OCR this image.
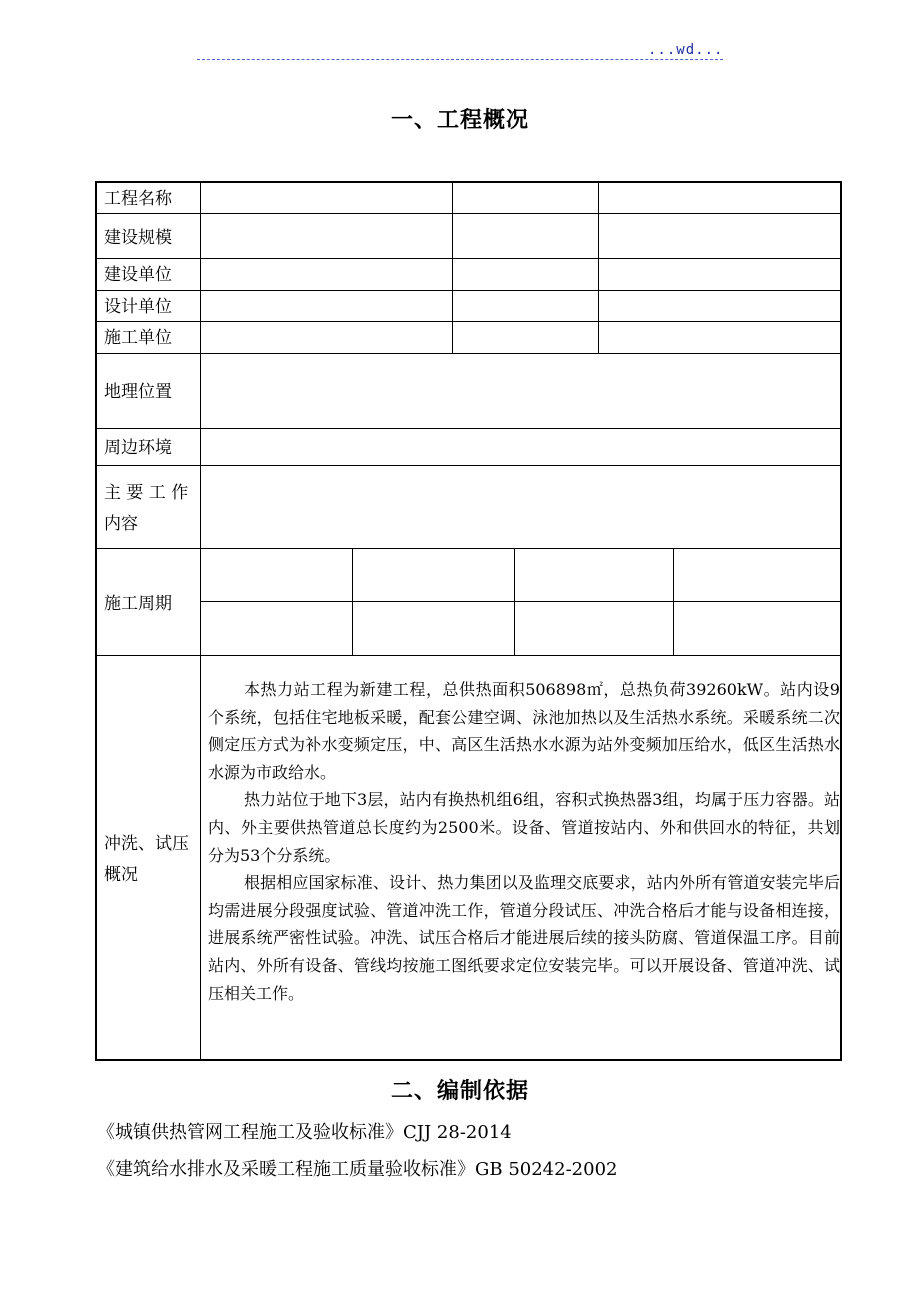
...wd...
一、工程概况
工程名称
建设规模
建设单位
设计单位
施工单位
地理位置
周边环境
主 要 工 作
内容
施工周期
冲洗、试压
概况

本热力站工程为新建工程，总供热面积506898㎡，总热负荷39260kW。站内设9个系统，包括住宅地板采暖，配套公建空调、泳池加热以及生活热水系统。采暖系统二次侧定压方式为补水变频定压，中、高区生活热水水源为站外变频加压给水，低区生活热水水源为市政给水。

热力站位于地下3层，站内有换热机组6组，容积式换热器3组，均属于压力容器。站内、外主要供热管道总长度约为2500米。设备、管道按站内、外和供回水的特征，共划分为53个分系统。

根据相应国家标准、设计、热力集团以及监理交底要求，站内外所有管道安装完毕后均需进展分段强度试验、管道冲洗工作，管道分段试压、冲洗合格后才能与设备相连接，进展系统严密性试验。冲洗、试压合格后才能进展后续的接头防腐、管道保温工序。目前站内、外所有设备、管线均按施工图纸要求定位安装完毕。可以开展设备、管道冲洗、试压相关工作。

二、编制依据
《城镇供热管网工程施工及验收标准》CJJ 28-2014
《建筑给水排水及采暖工程施工质量验收标准》GB 50242-2002
